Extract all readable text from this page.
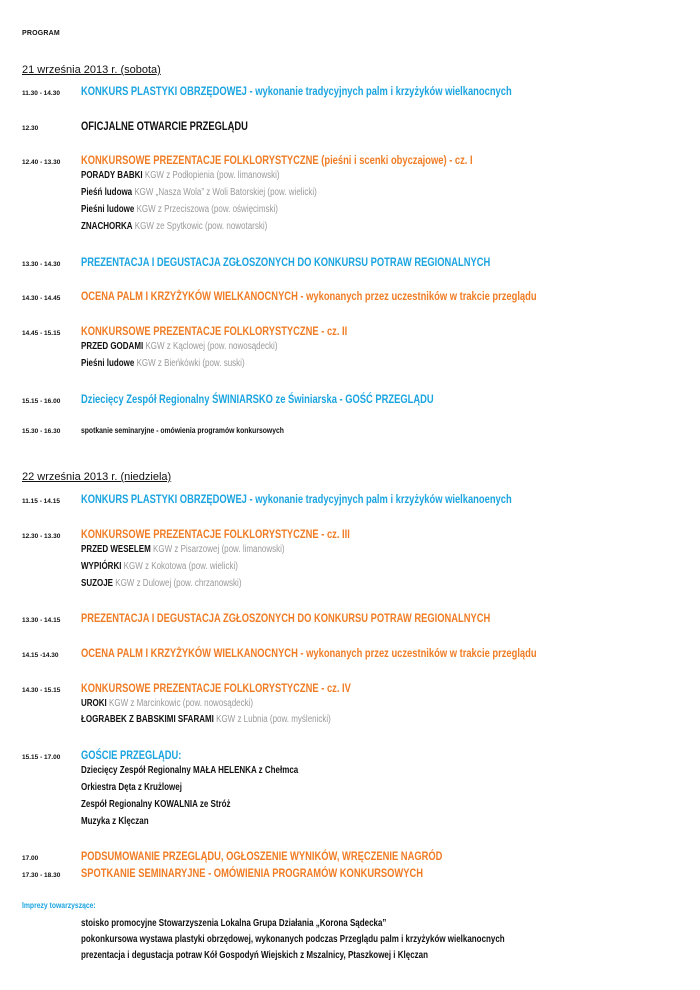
PROGRAM
21 września 2013 r. (sobota)
11.30 - 14.30 KONKURS PLASTYKI OBRZĘDOWEJ - wykonanie tradycyjnych palm i krzyżyków wielkanocnych
12.30	OFICJALNE OTWARCIE PRZEGLĄDU
12.40 - 13.30 KONKURSOWE PREZENTACJE FOLKLORYSTYCZNE (pieśni i scenki obyczajowe) - cz. I
PORADY BABKI KGW z Podłopienia (pow. limanowski)
Pieśń ludowa KGW „Nasza Wola” z Woli Batorskiej (pow. wielicki)
Pieśni ludowe KGW z Przeciszowa (pow. oświęcimski)
ZNACHORKA KGW ze Spytkowic (pow. nowotarski)
13.30 - 14.30 PREZENTACJA I DEGUSTACJA ZGŁOSZONYCH DO KONKURSU POTRAW REGIONALNYCH
14.30 - 14.45 OCENA PALM I KRZYŻYKÓW WIELKANOCNYCH - wykonanych przez uczestników w trakcie przeglądu
14.45 - 15.15 KONKURSOWE PREZENTACJE FOLKLORYSTYCZNE - cz. II
PRZED GODAMI KGW z Kąclowej (pow. nowosądecki)
Pieśni ludowe KGW z Bieńkówki (pow. suski)
15.15 - 16.00 Dziecięcy Zespół Regionalny ŚWINIARSKO ze Świniarska - GOŚĆ PRZEGLĄDU
15.30 - 16.30	spotkanie seminaryjne - omówienia programów konkursowych
22 września 2013 r. (niedziela)
11.15 - 14.15 KONKURS PLASTYKI OBRZĘDOWEJ - wykonanie tradycyjnych palm i krzyżyków wielkanoenych
12.30 - 13.30 KONKURSOWE PREZENTACJE FOLKLORYSTYCZNE - cz. III
PRZED WESELEM KGW z Pisarzowej (pow. limanowski)
WYPIÓRKI KGW z Kokotowa (pow. wielicki)
SUZOJE KGW z Dulowej (pow. chrzanowski)
13.30 - 14.15 PREZENTACJA I DEGUSTACJA ZGŁOSZONYCH DO KONKURSU POTRAW REGIONALNYCH
14.15 -14.30 OCENA PALM I KRZYŻYKÓW WIELKANOCNYCH - wykonanych przez uczestników w trakcie przeglądu
14.30 - 15.15 KONKURSOWE PREZENTACJE FOLKLORYSTYCZNE - cz. IV
UROKI KGW z Marcinkowic (pow. nowosądecki)
ŁOGRABEK Z BABSKIMI SFARAMI KGW z Lubnia (pow. myślenicki)
15.15 - 17.00 GOŚCIE PRZEGLĄDU:
Dziecięcy Zespół Regionalny MAŁA HELENKA z Chełmca
Orkiestra Dęta z Krużlowej
Zespół Regionalny KOWALNIA ze Stróż
Muzyka z Klęczan
17.00	PODSUMOWANIE PRZEGLĄDU, OGŁOSZENIE WYNIKÓW, WRĘCZENIE NAGRÓD
17.30 - 18.30 SPOTKANIE SEMINARYJNE - OMÓWIENIA PROGRAMÓW KONKURSOWYCH
Imprezy towarzyszące:
stoisko promocyjne Stowarzyszenia Lokalna Grupa Działania „Korona Sądecka”
pokonkursowa wystawa plastyki obrzędowej, wykonanych podczas Przeglądu palm i krzyżyków wielkanocnych
prezentacja i degustacja potraw Kół Gospodyń Wiejskich z Mszalnicy, Ptaszkowej i Klęczan
